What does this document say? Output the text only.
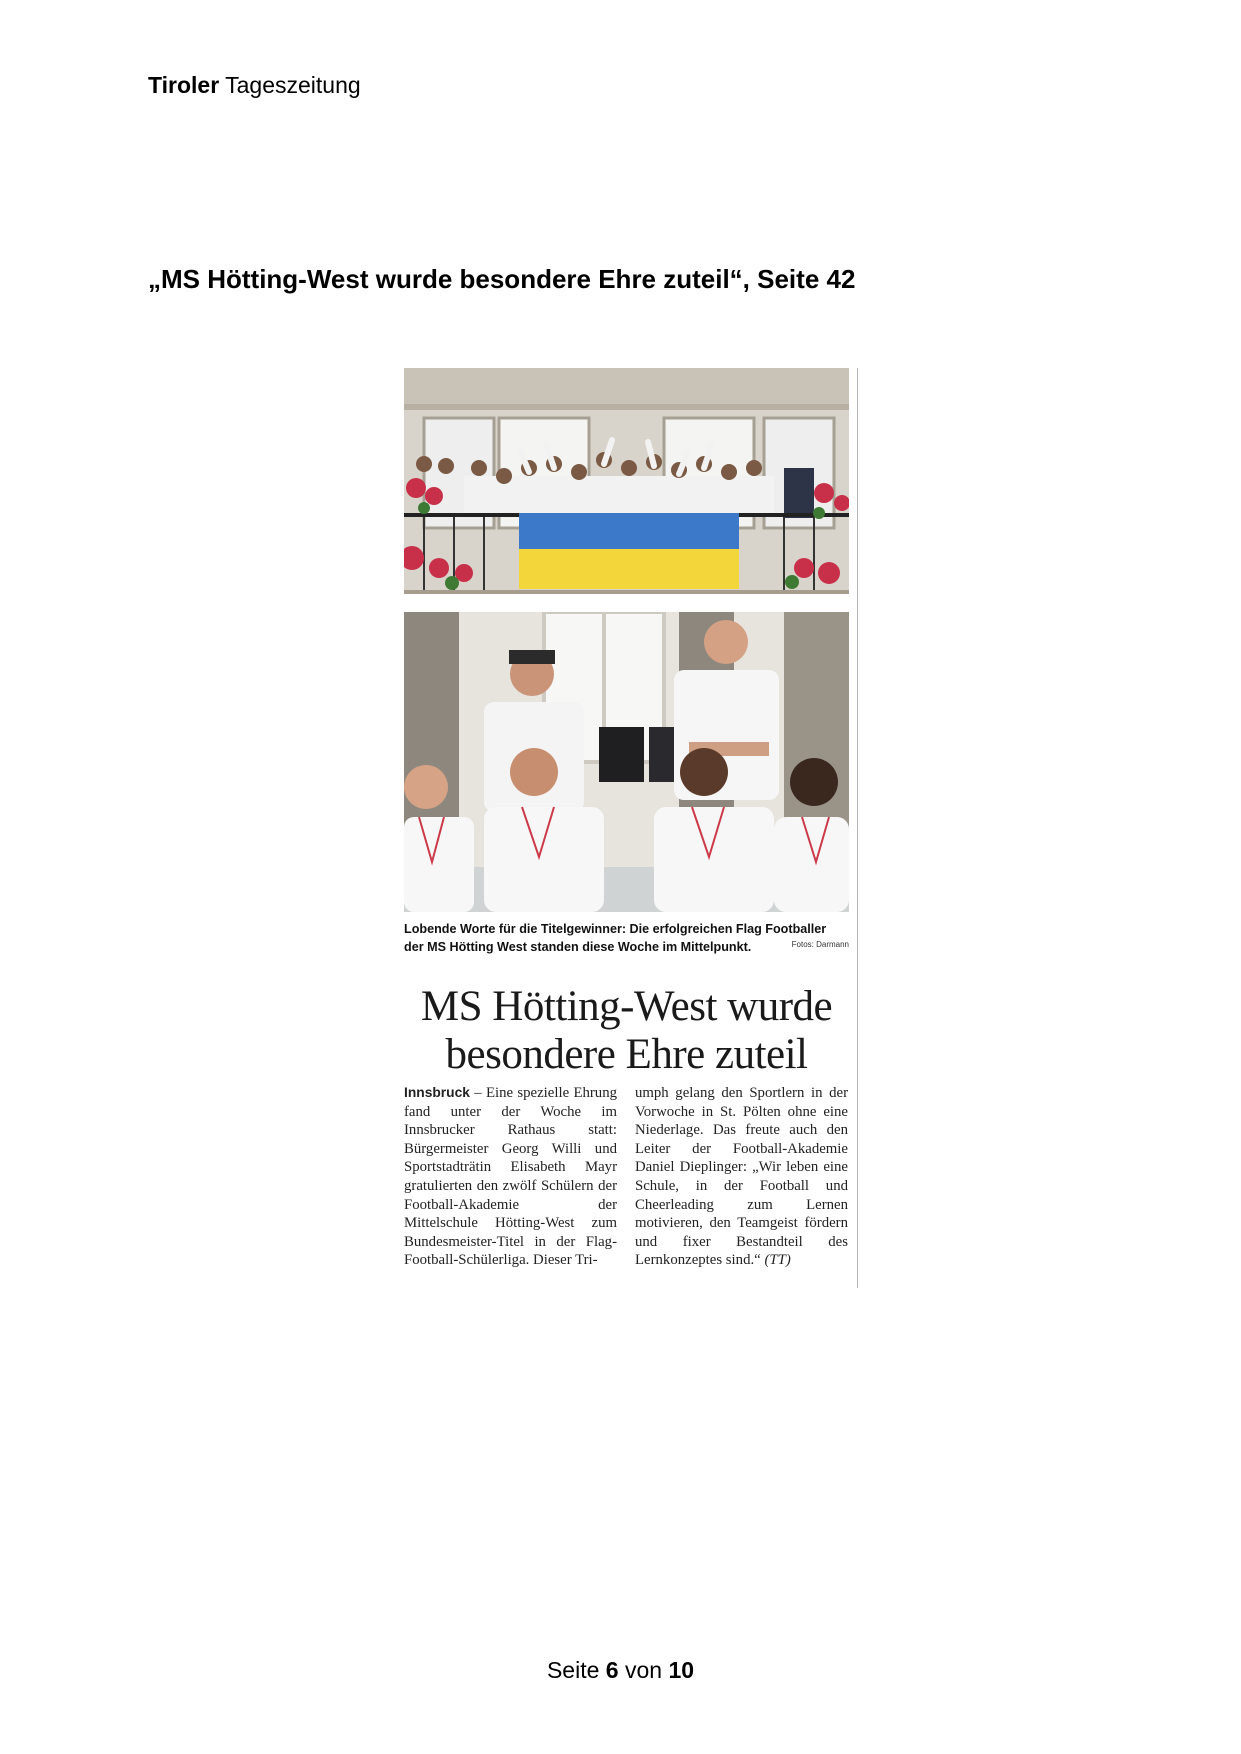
Tiroler Tageszeitung
„MS Hötting-West wurde besondere Ehre zuteil“, Seite 42
Lobende Worte für die Titelgewinner: Die erfolgreichen Flag Footballer der MS Hötting West standen diese Woche im Mittelpunkt.	Fotos: Darmann
MS Hötting-West wurde
besondere Ehre zuteil
Innsbruck – Eine spezielle Ehrung fand unter der Woche im Innsbrucker Rathaus statt: Bürgermeister Georg Willi und Sportstadträtin Elisabeth Mayr gratulierten den zwölf Schülern der Football-Akademie der Mittelschule Hötting-West zum Bundesmeister-Titel in der Flag-Football-Schülerliga. Dieser Tri-
umph gelang den Sportlern in der Vorwoche in St. Pölten ohne eine Niederlage. Das freute auch den Leiter der Football-Akademie Daniel Dieplinger: „Wir leben eine Schule, in der Football und Cheerleading zum Lernen motivieren, den Teamgeist fördern und fixer Bestandteil des Lernkonzeptes sind.“ (TT)
Seite 6 von 10
